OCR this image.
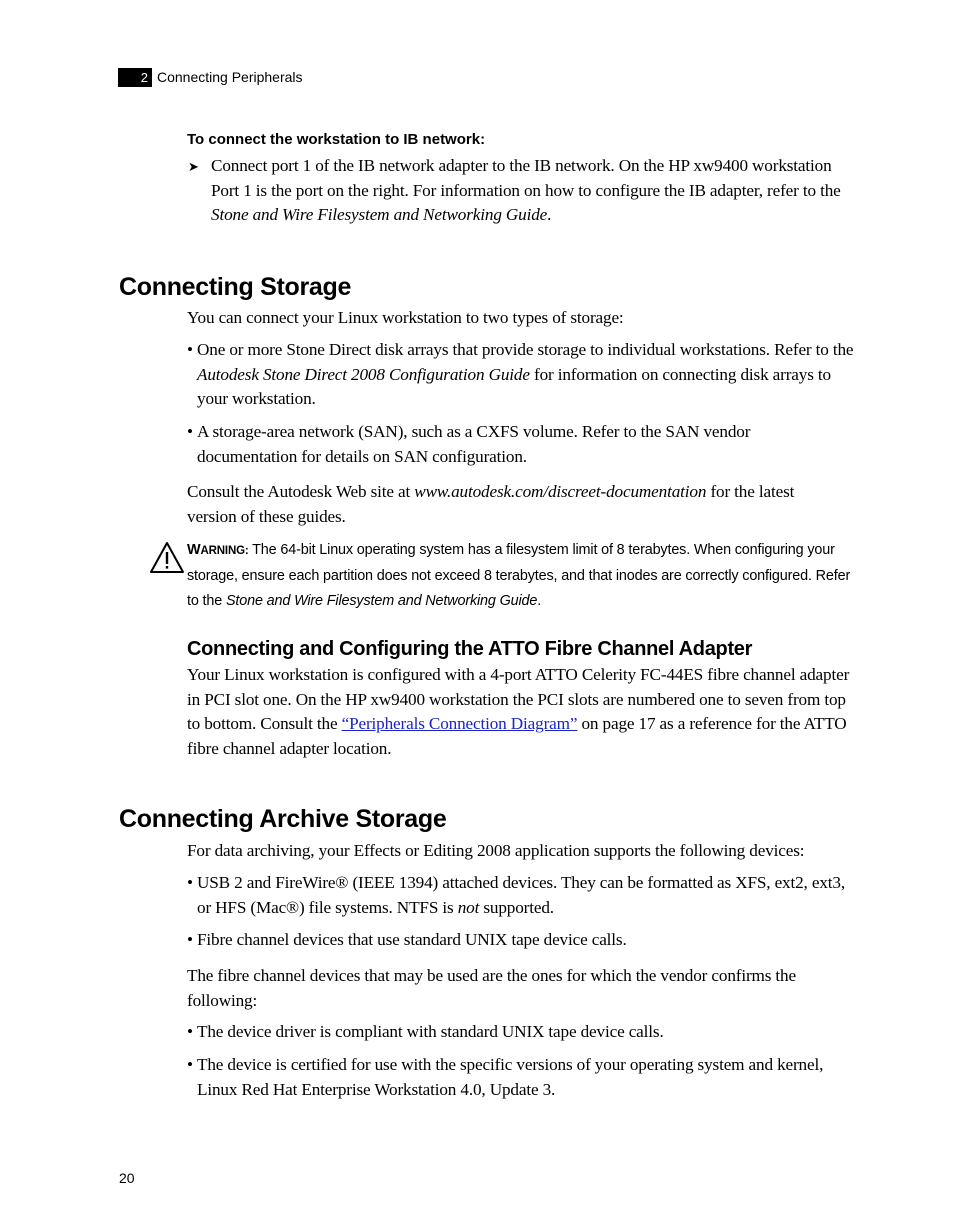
2 Connecting Peripherals
To connect the workstation to IB network:
➤ Connect port 1 of the IB network adapter to the IB network. On the HP xw9400 workstation Port 1 is the port on the right. For information on how to configure the IB adapter, refer to the Stone and Wire Filesystem and Networking Guide.
Connecting Storage
You can connect your Linux workstation to two types of storage:
• One or more Stone Direct disk arrays that provide storage to individual workstations. Refer to the Autodesk Stone Direct 2008 Configuration Guide for information on connecting disk arrays to your workstation.
• A storage-area network (SAN), such as a CXFS volume. Refer to the SAN vendor documentation for details on SAN configuration.
Consult the Autodesk Web site at www.autodesk.com/discreet-documentation for the latest version of these guides.
WARNING: The 64-bit Linux operating system has a filesystem limit of 8 terabytes. When configuring your storage, ensure each partition does not exceed 8 terabytes, and that inodes are correctly configured. Refer to the Stone and Wire Filesystem and Networking Guide.
Connecting and Configuring the ATTO Fibre Channel Adapter
Your Linux workstation is configured with a 4-port ATTO Celerity FC-44ES fibre channel adapter in PCI slot one. On the HP xw9400 workstation the PCI slots are numbered one to seven from top to bottom. Consult the “Peripherals Connection Diagram” on page 17 as a reference for the ATTO fibre channel adapter location.
Connecting Archive Storage
For data archiving, your Effects or Editing 2008 application supports the following devices:
• USB 2 and FireWire® (IEEE 1394) attached devices. They can be formatted as XFS, ext2, ext3, or HFS (Mac®) file systems. NTFS is not supported.
• Fibre channel devices that use standard UNIX tape device calls.
The fibre channel devices that may be used are the ones for which the vendor confirms the following:
• The device driver is compliant with standard UNIX tape device calls.
• The device is certified for use with the specific versions of your operating system and kernel, Linux Red Hat Enterprise Workstation 4.0, Update 3.
20
